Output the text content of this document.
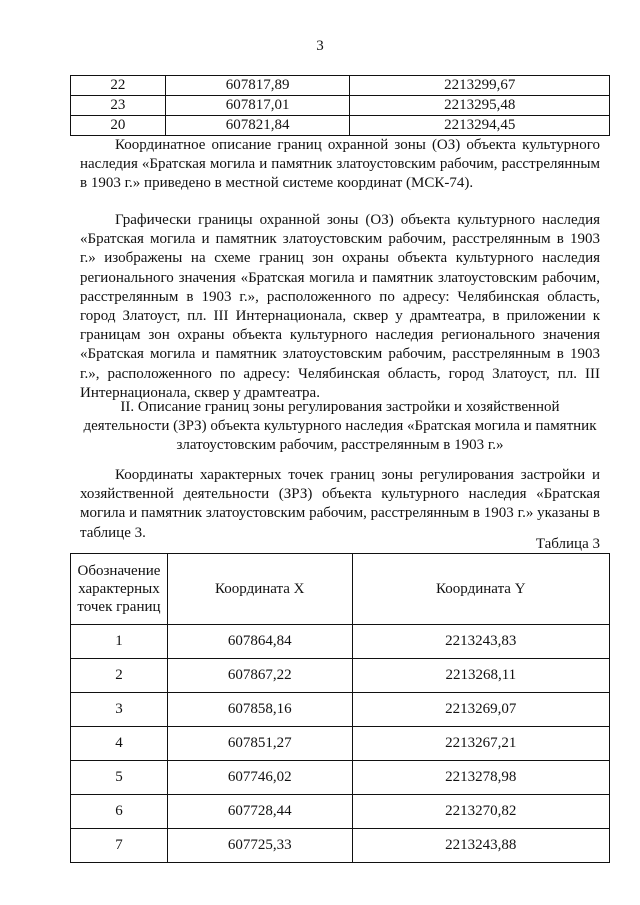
3
22	607817,89	2213299,67
23	607817,01	2213295,48
20	607821,84	2213294,45

Координатное описание границ охранной зоны (ОЗ) объекта культурного наследия «Братская могила и памятник златоустовским рабочим, расстрелянным в 1903 г.» приведено в местной системе координат (МСК-74).

Графически границы охранной зоны (ОЗ) объекта культурного наследия «Братская могила и памятник златоустовским рабочим, расстрелянным в 1903 г.» изображены на схеме границ зон охраны объекта культурного наследия регионального значения «Братская могила и памятник златоустовским рабочим, расстрелянным в 1903 г.», расположенного по адресу: Челябинская область, город Златоуст, пл. III Интернационала, сквер у драмтеатра, в приложении к границам зон охраны объекта культурного наследия регионального значения «Братская могила и памятник златоустовским рабочим, расстрелянным в 1903 г.», расположенного по адресу: Челябинская область, город Златоуст, пл. III Интернационала, сквер у драмтеатра.

II. Описание границ зоны регулирования застройки и хозяйственной деятельности (ЗРЗ) объекта культурного наследия «Братская могила и памятник златоустовским рабочим, расстрелянным в 1903 г.»

Координаты характерных точек границ зоны регулирования застройки и хозяйственной деятельности (ЗРЗ) объекта культурного наследия «Братская могила и памятник златоустовским рабочим, расстрелянным в 1903 г.» указаны в таблице 3.

Таблица 3
Обозначение характерных точек границ	Координата X	Координата Y
1	607864,84	2213243,83
2	607867,22	2213268,11
3	607858,16	2213269,07
4	607851,27	2213267,21
5	607746,02	2213278,98
6	607728,44	2213270,82
7	607725,33	2213243,88
